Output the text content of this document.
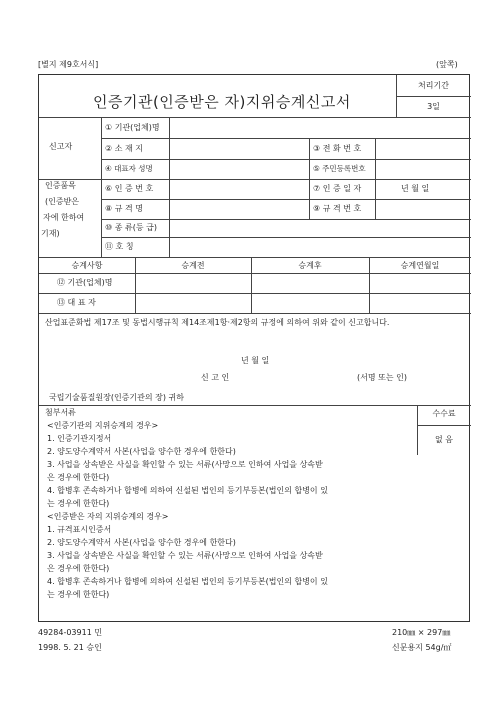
[별지 제9호서식]	(앞쪽)
인증기관(인증받은 자)지위승계신고서
처리기간
3일
신고자
① 기관(업체)명
② 소 재 지	③ 전 화 번 호
④ 대표자 성명	⑤ 주민등록번호
인증품목
(인증받은
자에 한하여
기재)
⑥ 인 증 번 호	⑦ 인 증 일 자	년 월 일
⑧ 규 격 명	⑨ 규 격 번 호
⑩ 종 류(등 급)
⑪ 호 칭
승계사항	승계전	승계후	승계연월일
⑫ 기관(업체)명
⑬ 대 표 자
산업표준화법 제17조 및 동법시행규칙 제14조제1항·제2항의 규정에 의하여 위와 같이 신고합니다.
년 월 일
신 고 인	(서명 또는 인)
국립기술품질원장(인증기관의 장) 귀하
수수료
없 음
첨부서류
<인증기관의 지위승계의 경우>
1. 인증기관지정서
2. 양도양수계약서 사본(사업을 양수한 경우에 한한다)
3. 사업을 상속받은 사실을 확인할 수 있는 서류(사망으로 인하여 사업을 상속받
은 경우에 한한다)
4. 합병후 존속하거나 합병에 의하여 신설된 법인의 등기부등본(법인의 합병이 있
는 경우에 한한다)
<인증받은 자의 지위승계의 경우>
1. 규격표시인증서
2. 양도양수계약서 사본(사업을 양수한 경우에 한한다)
3. 사업을 상속받은 사실을 확인할 수 있는 서류(사망으로 인하여 사업을 상속받
은 경우에 한한다)
4. 합병후 존속하거나 합병에 의하여 신설된 법인의 등기부등본(법인의 합병이 있
는 경우에 한한다)
49284-03911 민	210㎜ × 297㎜
1998. 5. 21 승인	신문용지 54g/㎡
